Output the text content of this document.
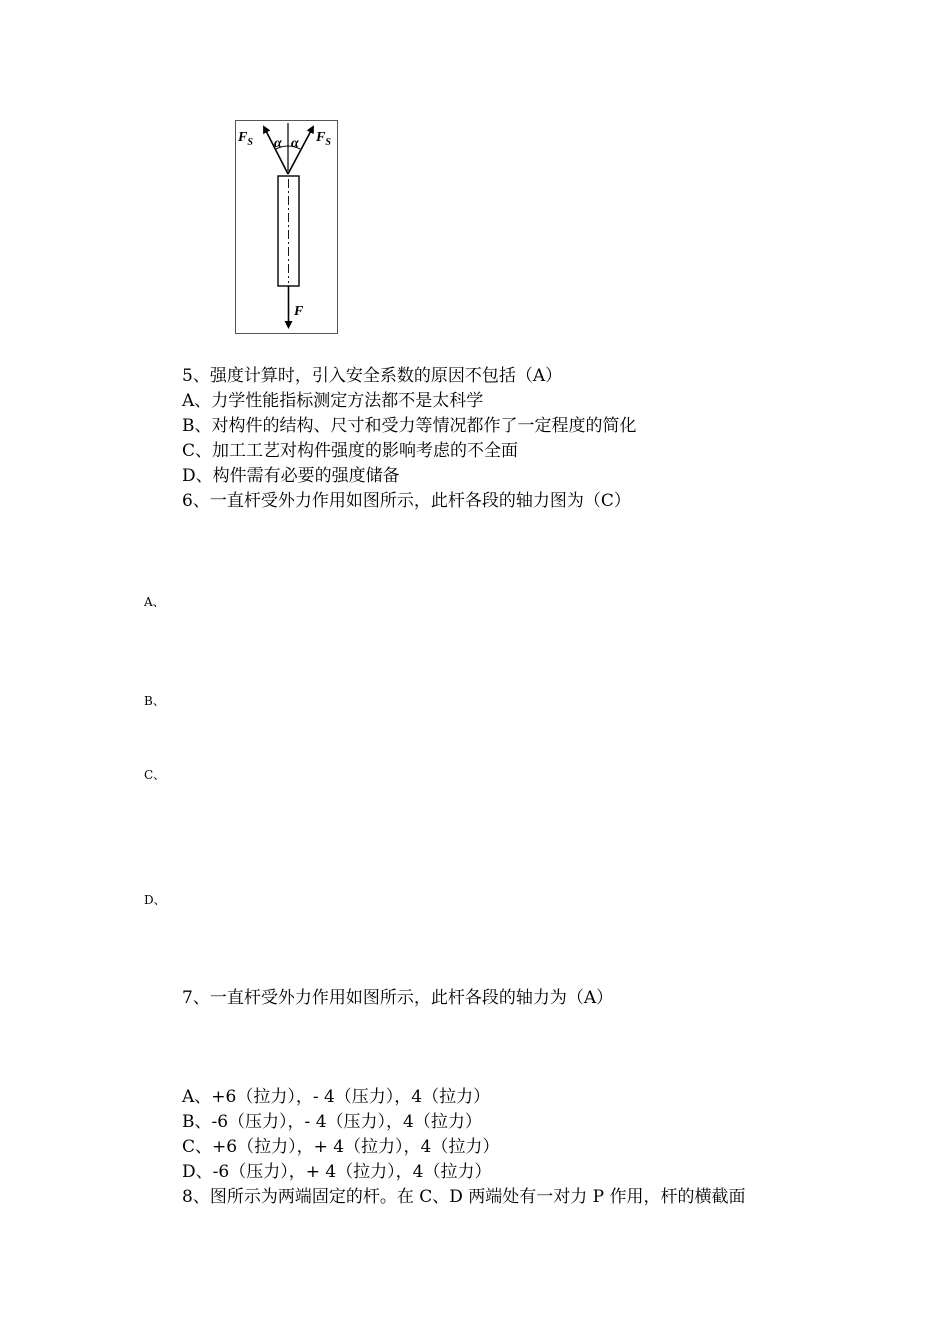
$F_S$ α α $F_S$
F
5、强度计算时，引入安全系数的原因不包括（A）
A、力学性能指标测定方法都不是太科学
B、对构件的结构、尺寸和受力等情况都作了一定程度的简化
C、加工工艺对构件强度的影响考虑的不全面
D、构件需有必要的强度储备
6、一直杆受外力作用如图所示，此杆各段的轴力图为（C）
A、
B、
C、
D、
7、一直杆受外力作用如图所示，此杆各段的轴力为（A）
A、+6（拉力），- 4（压力），4（拉力）
B、-6（压力），- 4（压力），4（拉力）
C、+6（拉力），+ 4（拉力），4（拉力）
D、-6（压力），+ 4（拉力），4（拉力）
8、图所示为两端固定的杆。在 C、D 两端处有一对力 P 作用，杆的横截面
